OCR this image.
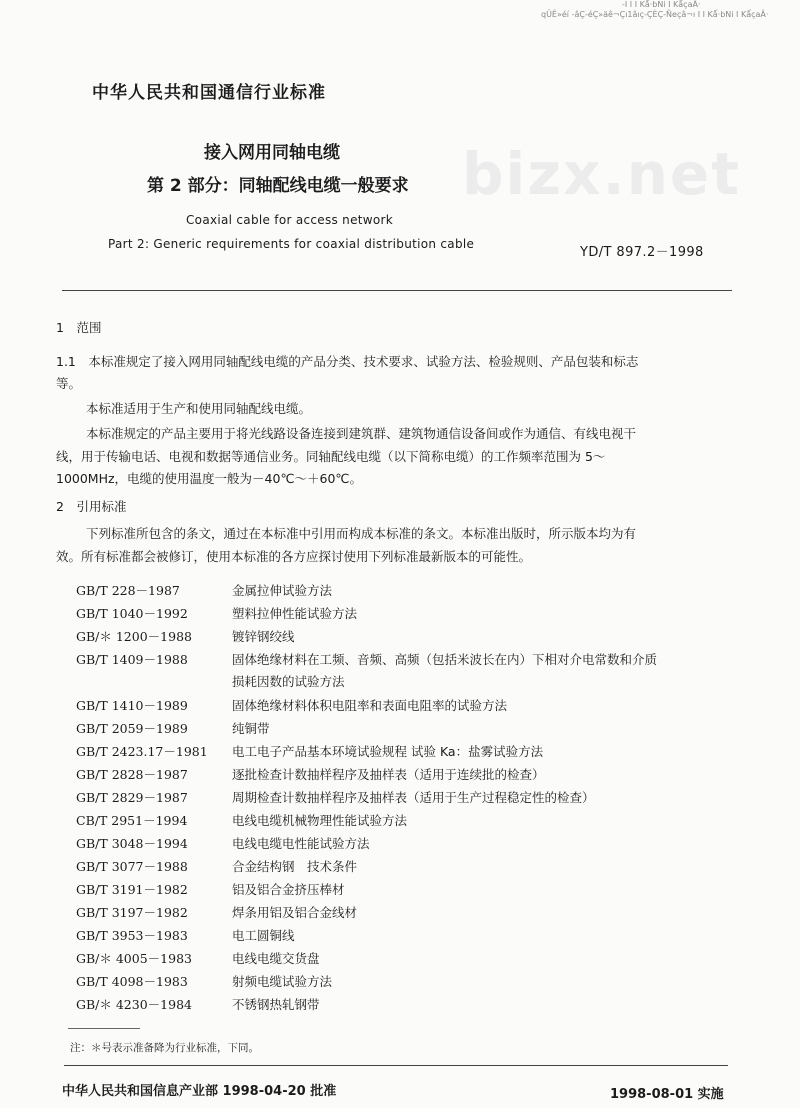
-I I I Kǻ·bNi I KǻçaÂ·
qÜÊ»éí -âÇ-éÇ»äê¬Çı1âıç-ÇÈÇ-Ñeçâ¬ı I I Kǻ·bNi I KǻçaÂ·
bizx.net
中华人民共和国通信行业标准
接入网用同轴电缆
第 2 部分：同轴配线电缆一般要求
Coaxial cable for access network
Part 2: Generic requirements for coaxial distribution cable
YD/T 897.2－1998
1　范围
1.1　本标准规定了接入网用同轴配线电缆的产品分类、技术要求、试验方法、检验规则、产品包装和标志
等。
本标准适用于生产和使用同轴配线电缆。
本标准规定的产品主要用于将光线路设备连接到建筑群、建筑物通信设备间或作为通信、有线电视干
线，用于传输电话、电视和数据等通信业务。同轴配线电缆（以下简称电缆）的工作频率范围为 5～
1000MHz，电缆的使用温度一般为－40℃～＋60℃。
2　引用标准
下列标准所包含的条文，通过在本标准中引用而构成本标准的条文。本标准出版时，所示版本均为有
效。所有标准都会被修订，使用本标准的各方应探讨使用下列标准最新版本的可能性。
GB/T 228－1987	金属拉伸试验方法
GB/T 1040－1992	塑料拉伸性能试验方法
GB/＊ 1200－1988	镀锌钢绞线
GB/T 1409－1988	固体绝缘材料在工频、音频、高频（包括米波长在内）下相对介电常数和介质
损耗因数的试验方法
GB/T 1410－1989	固体绝缘材料体积电阻率和表面电阻率的试验方法
GB/T 2059－1989	纯铜带
GB/T 2423.17－1981 电工电子产品基本环境试验规程 试验 Ka：盐雾试验方法
GB/T 2828－1987	逐批检查计数抽样程序及抽样表（适用于连续批的检查）
GB/T 2829－1987	周期检查计数抽样程序及抽样表（适用于生产过程稳定性的检查）
CB/T 2951－1994	电线电缆机械物理性能试验方法
GB/T 3048－1994	电线电缆电性能试验方法
GB/T 3077－1988	合金结构钢　技术条件
GB/T 3191－1982	铝及铝合金挤压棒材
GB/T 3197－1982	焊条用铝及铝合金线材
GB/T 3953－1983	电工圆铜线
GB/＊ 4005－1983	电线电缆交货盘
GB/T 4098－1983	射频电缆试验方法
GB/＊ 4230－1984	不锈钢热轧钢带
注：＊号表示准备降为行业标准，下同。
中华人民共和国信息产业部 1998-04-20 批准	1998-08-01 实施
